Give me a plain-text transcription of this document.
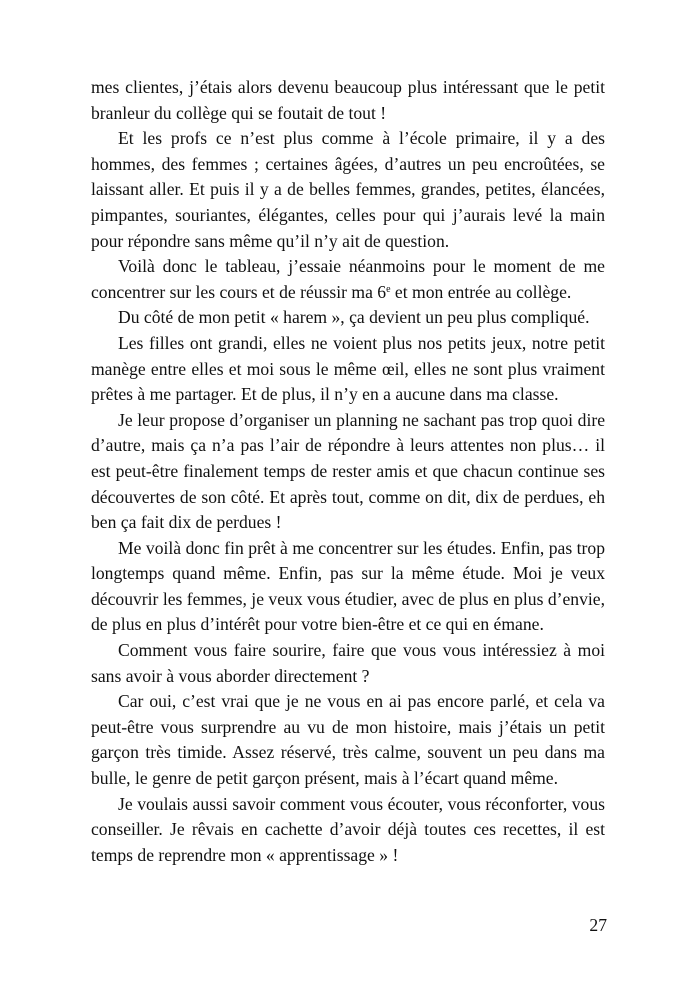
mes clientes, j’étais alors devenu beaucoup plus intéressant que le petit branleur du collège qui se foutait de tout !

Et les profs ce n’est plus comme à l’école primaire, il y a des hommes, des femmes ; certaines âgées, d’autres un peu encroûtées, se laissant aller. Et puis il y a de belles femmes, grandes, petites, élancées, pimpantes, souriantes, élégantes, celles pour qui j’aurais levé la main pour répondre sans même qu’il n’y ait de question.

Voilà donc le tableau, j’essaie néanmoins pour le moment de me concentrer sur les cours et de réussir ma 6e et mon entrée au collège.

Du côté de mon petit « harem », ça devient un peu plus compliqué.

Les filles ont grandi, elles ne voient plus nos petits jeux, notre petit manège entre elles et moi sous le même œil, elles ne sont plus vraiment prêtes à me partager. Et de plus, il n’y en a aucune dans ma classe.

Je leur propose d’organiser un planning ne sachant pas trop quoi dire d’autre, mais ça n’a pas l’air de répondre à leurs attentes non plus… il est peut-être finalement temps de rester amis et que chacun continue ses découvertes de son côté. Et après tout, comme on dit, dix de perdues, eh ben ça fait dix de perdues !

Me voilà donc fin prêt à me concentrer sur les études. Enfin, pas trop longtemps quand même. Enfin, pas sur la même étude. Moi je veux découvrir les femmes, je veux vous étudier, avec de plus en plus d’envie, de plus en plus d’intérêt pour votre bien-être et ce qui en émane.

Comment vous faire sourire, faire que vous vous intéressiez à moi sans avoir à vous aborder directement ?

Car oui, c’est vrai que je ne vous en ai pas encore parlé, et cela va peut-être vous surprendre au vu de mon histoire, mais j’étais un petit garçon très timide. Assez réservé, très calme, souvent un peu dans ma bulle, le genre de petit garçon présent, mais à l’écart quand même.

Je voulais aussi savoir comment vous écouter, vous réconforter, vous conseiller. Je rêvais en cachette d’avoir déjà toutes ces recettes, il est temps de reprendre mon « apprentissage » !

27
